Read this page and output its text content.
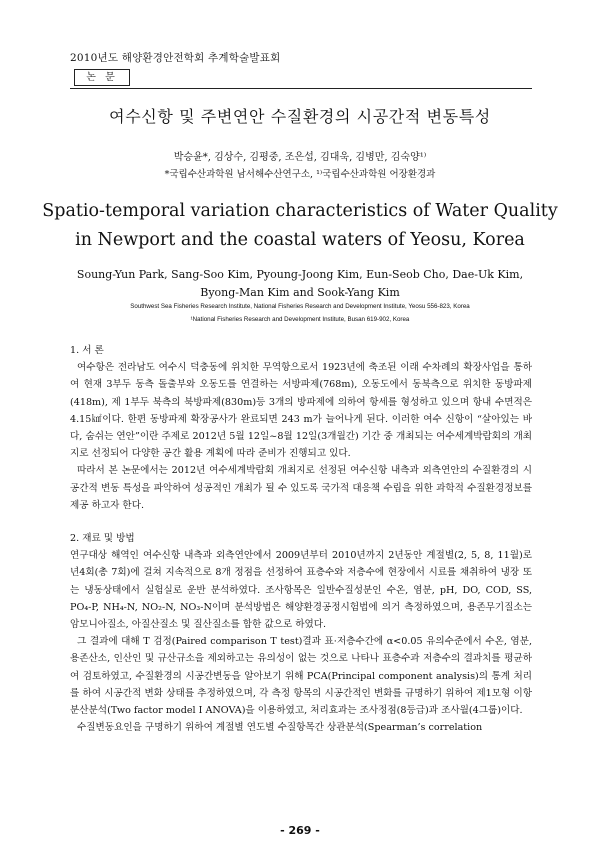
2010년도 해양환경안전학회 추계학술발표회
논 문
여수신항 및 주변연안 수질환경의 시공간적 변동특성
박승윤*, 김상수, 김평중, 조은섭, 김대욱, 김병만, 김숙양¹⁾
*국립수산과학원 남서해수산연구소, ¹⁾국립수산과학원 어장환경과
Spatio-temporal variation characteristics of Water Quality
in Newport and the coastal waters of Yeosu, Korea
Soung-Yun Park, Sang-Soo Kim, Pyoung-Joong Kim, Eun-Seob Cho, Dae-Uk Kim,
Byong-Man Kim and Sook-Yang Kim
Southwest Sea Fisheries Research Institute, National Fisheries Research and Development Institute, Yeosu 556-823, Korea
¹National Fisheries Research and Development Institute, Busan 619-902, Korea
1. 서 론

여수항은 전라남도 여수시 덕충동에 위치한 무역항으로서 1923년에 축조된 이래 수차례의 확장사업을 통하여 현재 3부두 동측 돌출부와 오동도를 연결하는 서방파제(768m), 오동도에서 동북측으로 위치한 동방파제(418m), 제 1부두 북측의 북방파제(830m)등 3개의 방파제에 의하여 항세를 형성하고 있으며 항내 수면적은 4.15㎢이다. 한편 동방파제 확장공사가 완료되면 243 m가 늘어나게 된다. 이러한 여수 신항이 “살아있는 바다, 숨쉬는 연안”이란 주제로 2012년 5월 12일~8월 12일(3개월간) 기간 중 개최되는 여수세계박람회의 개최지로 선정되어 다양한 공간 활용 계획에 따라 준비가 진행되고 있다.

따라서 본 논문에서는 2012년 여수세계박람회 개최지로 선정된 여수신항 내측과 외측연안의 수질환경의 시공간적 변동 특성을 파악하여 성공적인 개최가 될 수 있도록 국가적 대응책 수립을 위한 과학적 수질환경정보를 제공 하고자 한다.

2. 재료 및 방법

연구대상 해역인 여수신항 내측과 외측연안에서 2009년부터 2010년까지 2년동안 계절별(2, 5, 8, 11월)로 년4회(총 7회)에 걸쳐 지속적으로 8개 정점을 선정하여 표층수와 저층수에 현장에서 시료를 채취하여 냉장 또는 냉동상태에서 실험실로 운반 분석하였다. 조사항목은 일반수질성분인 수온, 염분, pH, DO, COD, SS, PO₄-P, NH₄-N, NO₂-N, NO₃-N이며 분석방법은 해양환경공정시험법에 의거 측정하였으며, 용존무기질소는 암모니아질소, 아질산질소 및 질산질소를 합한 값으로 하였다.

그 결과에 대해 T 검정(Paired comparison T test)결과 표·저층수간에 α<0.05 유의수준에서 수온, 염분, 용존산소, 인산인 및 규산규소을 제외하고는 유의성이 없는 것으로 나타나 표층수과 저층수의 결과치를 평균하여 검토하였고, 수질환경의 시공간변동을 알아보기 위해 PCA(Principal component analysis)의 통계 처리를 하여 시공간적 변화 상태를 추정하였으며, 각 측정 항목의 시공간적인 변화를 규명하기 위하여 제1모형 이항분산분석(Two factor model Ⅰ ANOVA)을 이용하였고, 처리효과는 조사정점(8등급)과 조사월(4그룹)이다.

수질변동요인을 구명하기 위하여 계절별 연도별 수질항목간 상관분석(Spearman’s correlation

- 269 -
